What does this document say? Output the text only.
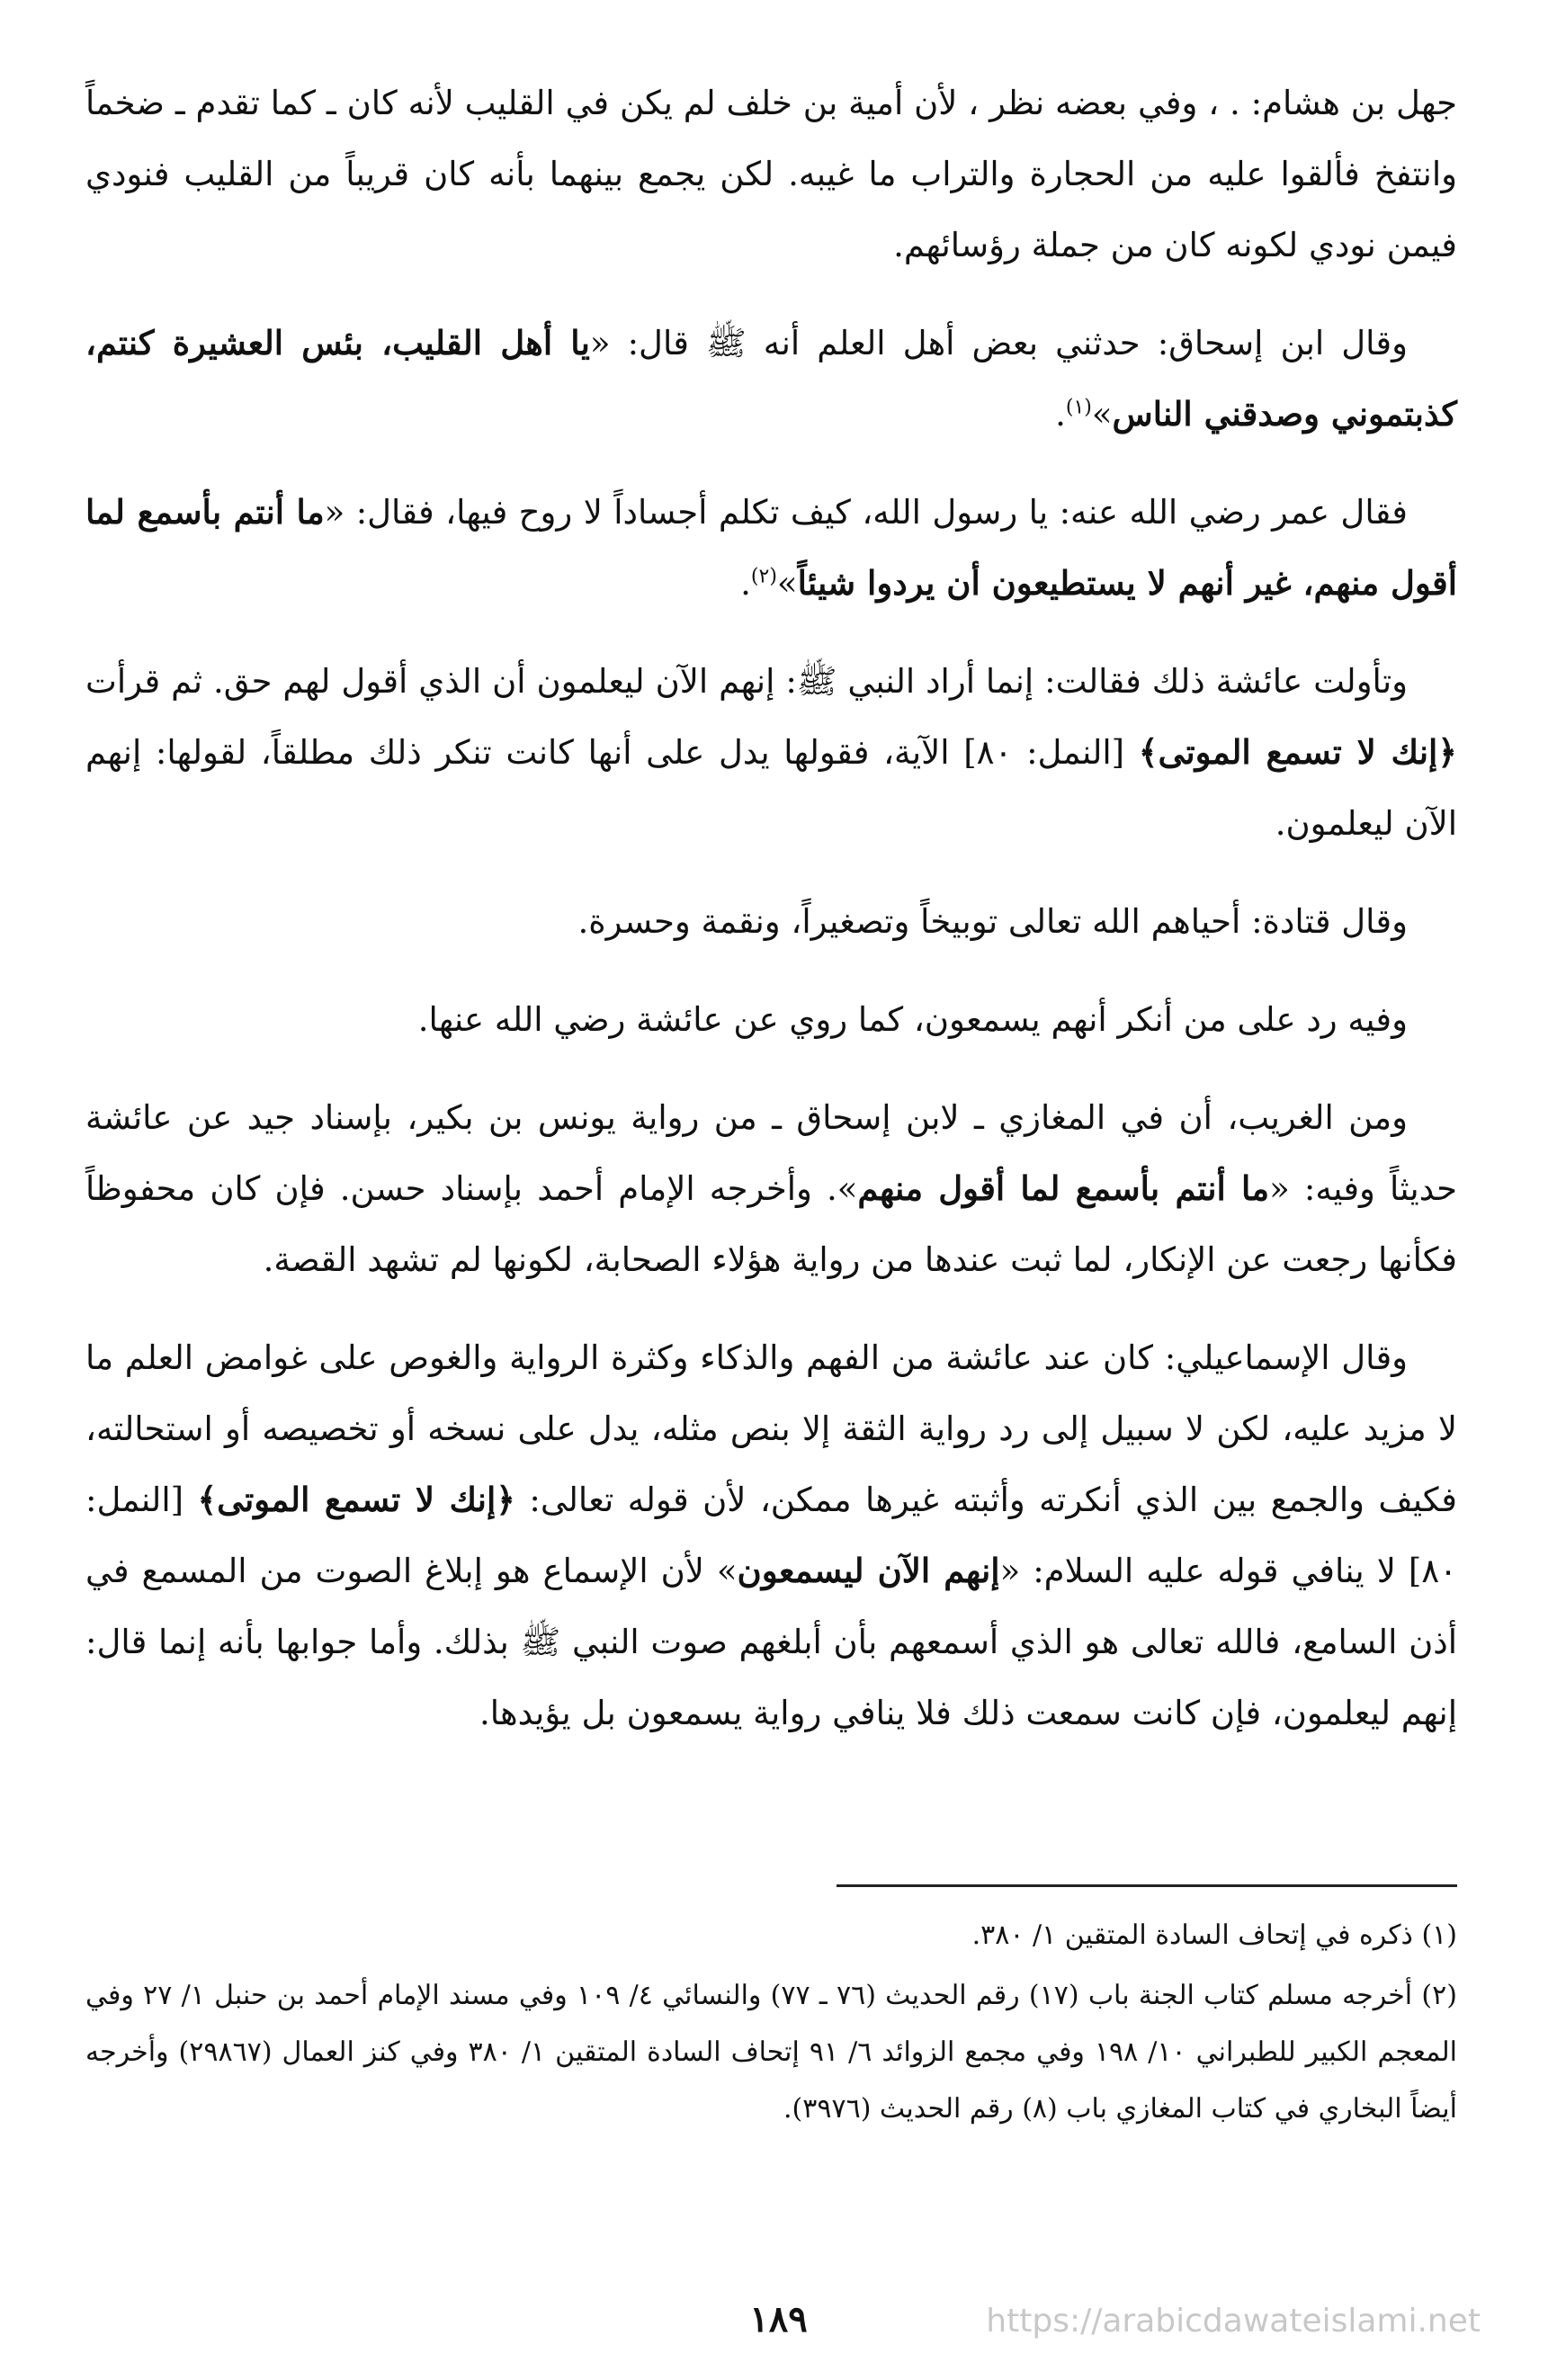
جهل بن هشام: . ، وفي بعضه نظر ، لأن أمية بن خلف لم يكن في القليب لأنه كان ـ كما تقدم ـ ضخماً وانتفخ فألقوا عليه من الحجارة والتراب ما غيبه. لكن يجمع بينهما بأنه كان قريباً من القليب فنودي فيمن نودي لكونه كان من جملة رؤسائهم.

وقال ابن إسحاق: حدثني بعض أهل العلم أنه ﷺ قال: «يا أهل القليب، بئس العشيرة كنتم، كذبتموني وصدقني الناس»$^{(١)}$.

فقال عمر رضي الله عنه: يا رسول الله، كيف تكلم أجساداً لا روح فيها، فقال: «ما أنتم بأسمع لما أقول منهم، غير أنهم لا يستطيعون أن يردوا شيئاً»$^{(٢)}$.

وتأولت عائشة ذلك فقالت: إنما أراد النبي ﷺ: إنهم الآن ليعلمون أن الذي أقول لهم حق. ثم قرأت ﴿إنك لا تسمع الموتى﴾ [النمل: ٨٠] الآية، فقولها يدل على أنها كانت تنكر ذلك مطلقاً، لقولها: إنهم الآن ليعلمون.

وقال قتادة: أحياهم الله تعالى توبيخاً وتصغيراً، ونقمة وحسرة.

وفيه رد على من أنكر أنهم يسمعون، كما روي عن عائشة رضي الله عنها.

ومن الغريب، أن في المغازي ـ لابن إسحاق ـ من رواية يونس بن بكير، بإسناد جيد عن عائشة حديثاً وفيه: «ما أنتم بأسمع لما أقول منهم». وأخرجه الإمام أحمد بإسناد حسن. فإن كان محفوظاً فكأنها رجعت عن الإنكار، لما ثبت عندها من رواية هؤلاء الصحابة، لكونها لم تشهد القصة.

وقال الإسماعيلي: كان عند عائشة من الفهم والذكاء وكثرة الرواية والغوص على غوامض العلم ما لا مزيد عليه، لكن لا سبيل إلى رد رواية الثقة إلا بنص مثله، يدل على نسخه أو تخصيصه أو استحالته، فكيف والجمع بين الذي أنكرته وأثبته غيرها ممكن، لأن قوله تعالى: ﴿إنك لا تسمع الموتى﴾ [النمل: ٨٠] لا ينافي قوله عليه السلام: «إنهم الآن ليسمعون» لأن الإسماع هو إبلاغ الصوت من المسمع في أذن السامع، فالله تعالى هو الذي أسمعهم بأن أبلغهم صوت النبي ﷺ بذلك. وأما جوابها بأنه إنما قال: إنهم ليعلمون، فإن كانت سمعت ذلك فلا ينافي رواية يسمعون بل يؤيدها.

(١) ذكره في إتحاف السادة المتقين ١/ ٣٨٠.
(٢) أخرجه مسلم كتاب الجنة باب (١٧) رقم الحديث (٧٦ ـ ٧٧) والنسائي ٤/ ١٠٩ وفي مسند الإمام أحمد بن حنبل ١/ ٢٧ وفي المعجم الكبير للطبراني ١٠/ ١٩٨ وفي مجمع الزوائد ٦/ ٩١ إتحاف السادة المتقين ١/ ٣٨٠ وفي كنز العمال (٢٩٨٦٧) وأخرجه أيضاً البخاري في كتاب المغازي باب (٨) رقم الحديث (٣٩٧٦).
١٨٩	https://arabicdawateislami.net
